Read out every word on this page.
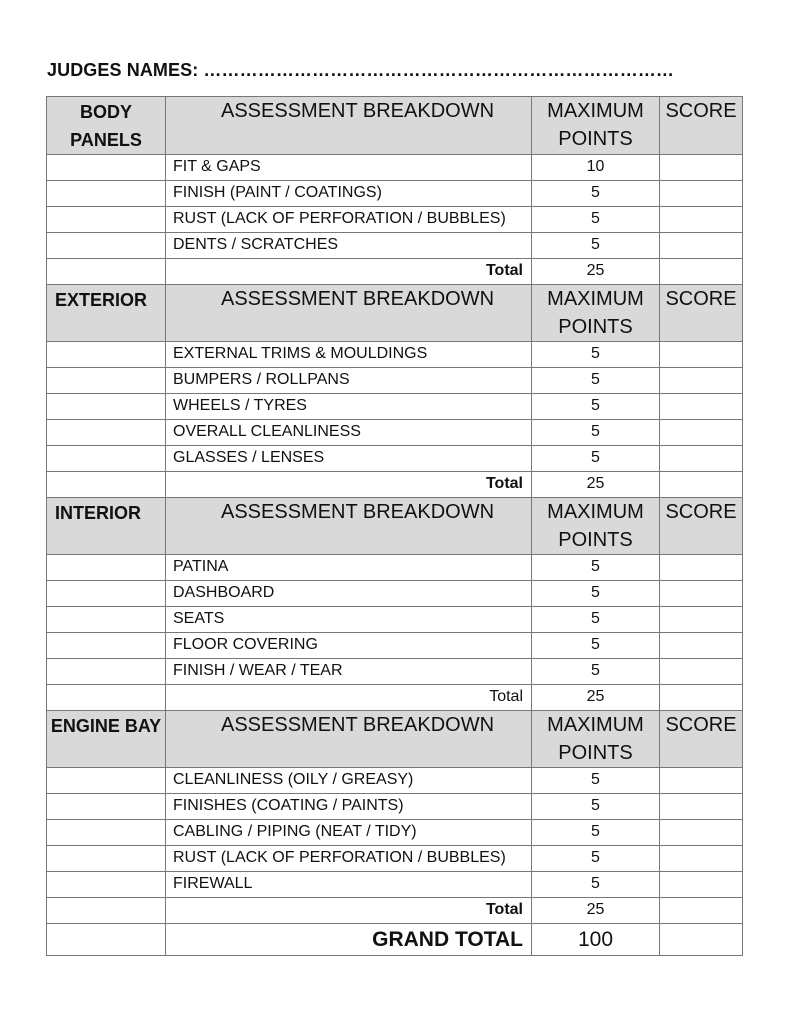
JUDGES NAMES: ……………………………………………………………………
BODY PANELS	ASSESSMENT BREAKDOWN	MAXIMUM POINTS	SCORE
	FIT & GAPS	10	
	FINISH (PAINT / COATINGS)	5	
	RUST (LACK OF PERFORATION / BUBBLES)	5	
	DENTS / SCRATCHES	5	
	Total	25	
EXTERIOR	ASSESSMENT BREAKDOWN	MAXIMUM POINTS	SCORE
	EXTERNAL TRIMS & MOULDINGS	5	
	BUMPERS / ROLLPANS	5	
	WHEELS / TYRES	5	
	OVERALL CLEANLINESS	5	
	GLASSES / LENSES	5	
	Total	25	
INTERIOR	ASSESSMENT BREAKDOWN	MAXIMUM POINTS	SCORE
	PATINA	5	
	DASHBOARD	5	
	SEATS	5	
	FLOOR COVERING	5	
	FINISH / WEAR / TEAR	5	
	Total	25	
ENGINE BAY	ASSESSMENT BREAKDOWN	MAXIMUM POINTS	SCORE
	CLEANLINESS (OILY / GREASY)	5	
	FINISHES (COATING / PAINTS)	5	
	CABLING / PIPING (NEAT / TIDY)	5	
	RUST (LACK OF PERFORATION / BUBBLES)	5	
	FIREWALL	5	
	Total	25	
	GRAND TOTAL	100	
